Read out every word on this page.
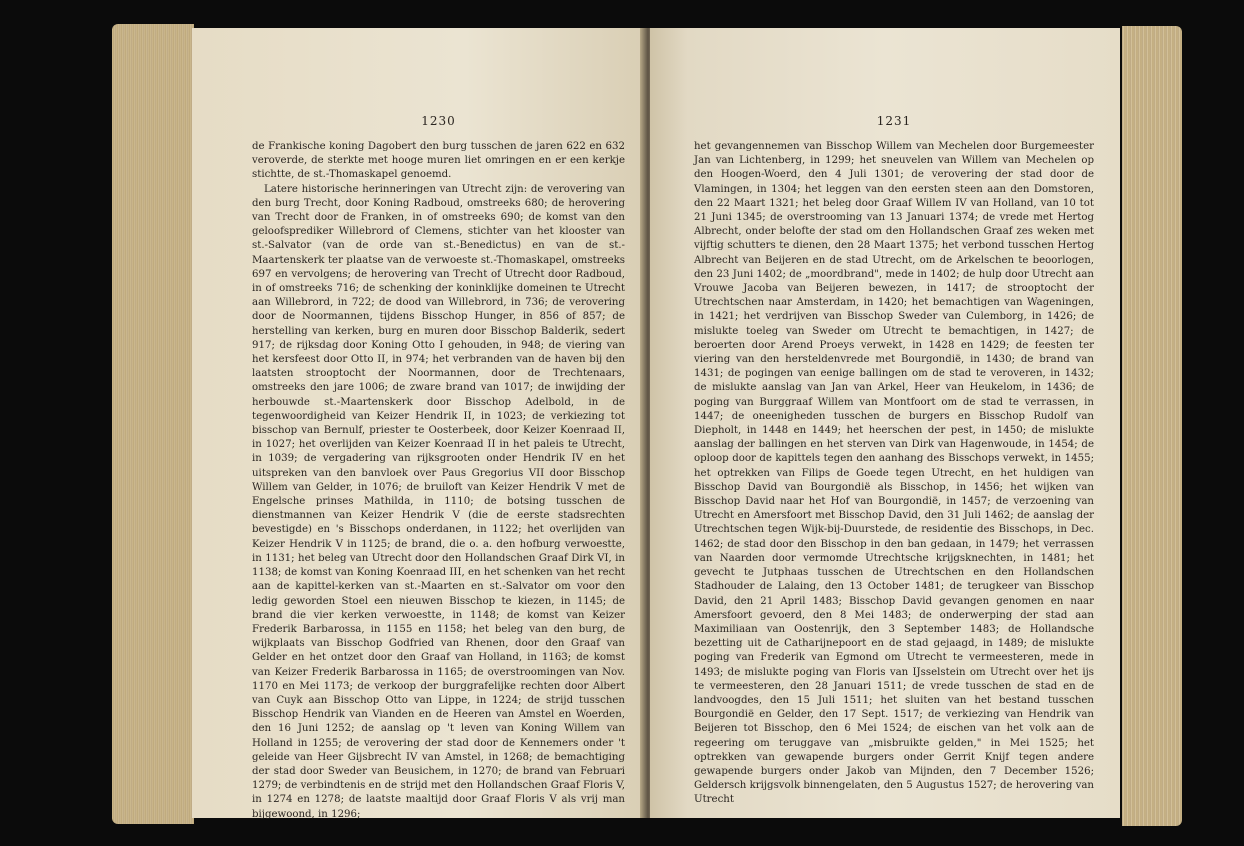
1230

de Frankische koning Dagobert den burg tusschen de jaren 622 en 632 veroverde, de sterkte met hooge muren liet omringen en er een kerkje stichtte, de st.-Thomaskapel genoemd.

Latere historische herinneringen van Utrecht zijn: de verovering van den burg Trecht, door Koning Radboud, omstreeks 680; de herovering van Trecht door de Franken, in of omstreeks 690; de komst van den geloofsprediker Willebrord of Clemens, stichter van het klooster van st.-Salvator (van de orde van st.-Benedictus) en van de st.-Maartenskerk ter plaatse van de verwoeste st.-Thomaskapel, omstreeks 697 en vervolgens; de herovering van Trecht of Utrecht door Radboud, in of omstreeks 716; de schenking der koninklijke domeinen te Utrecht aan Willebrord, in 722; de dood van Willebrord, in 736; de verovering door de Noormannen, tijdens Bisschop Hunger, in 856 of 857; de herstelling van kerken, burg en muren door Bisschop Balderik, sedert 917; de rijksdag door Koning Otto I gehouden, in 948; de viering van het kersfeest door Otto II, in 974; het verbranden van de haven bij den laatsten strooptocht der Noormannen, door de Trechtenaars, omstreeks den jare 1006; de zware brand van 1017; de inwijding der herbouwde st.-Maartenskerk door Bisschop Adelbold, in de tegenwoordigheid van Keizer Hendrik II, in 1023; de verkiezing tot bisschop van Bernulf, priester te Oosterbeek, door Keizer Koenraad II, in 1027; het overlijden van Keizer Koenraad II in het paleis te Utrecht, in 1039; de vergadering van rijksgrooten onder Hendrik IV en het uitspreken van den banvloek over Paus Gregorius VII door Bisschop Willem van Gelder, in 1076; de bruiloft van Keizer Hendrik V met de Engelsche prinses Mathilda, in 1110; de botsing tusschen de dienstmannen van Keizer Hendrik V (die de eerste stadsrechten bevestigde) en 's Bisschops onderdanen, in 1122; het overlijden van Keizer Hendrik V in 1125; de brand, die o. a. den hofburg verwoestte, in 1131; het beleg van Utrecht door den Hollandschen Graaf Dirk VI, in 1138; de komst van Koning Koenraad III, en het schenken van het recht aan de kapittel-kerken van st.-Maarten en st.-Salvator om voor den ledig geworden Stoel een nieuwen Bisschop te kiezen, in 1145; de brand die vier kerken verwoestte, in 1148; de komst van Keizer Frederik Barbarossa, in 1155 en 1158; het beleg van den burg, de wijkplaats van Bisschop Godfried van Rhenen, door den Graaf van Gelder en het ontzet door den Graaf van Holland, in 1163; de komst van Keizer Frederik Barbarossa in 1165; de overstroomingen van Nov. 1170 en Mei 1173; de verkoop der burggrafelijke rechten door Albert van Cuyk aan Bisschop Otto van Lippe, in 1224; de strijd tusschen Bisschop Hendrik van Vianden en de Heeren van Amstel en Woerden, den 16 Juni 1252; de aanslag op 't leven van Koning Willem van Holland in 1255; de verovering der stad door de Kennemers onder 't geleide van Heer Gijsbrecht IV van Amstel, in 1268; de bemachtiging der stad door Sweder van Beusichem, in 1270; de brand van Februari 1279; de verbindtenis en de strijd met den Hollandschen Graaf Floris V, in 1274 en 1278; de laatste maaltijd door Graaf Floris V als vrij man bijgewoond, in 1296;

1231

het gevangennemen van Bisschop Willem van Mechelen door Burgemeester Jan van Lichtenberg, in 1299; het sneuvelen van Willem van Mechelen op den Hoogen-Woerd, den 4 Juli 1301; de verovering der stad door de Vlamingen, in 1304; het leggen van den eersten steen aan den Domstoren, den 22 Maart 1321; het beleg door Graaf Willem IV van Holland, van 10 tot 21 Juni 1345; de overstrooming van 13 Januari 1374; de vrede met Hertog Albrecht, onder belofte der stad om den Hollandschen Graaf zes weken met vijftig schutters te dienen, den 28 Maart 1375; het verbond tusschen Hertog Albrecht van Beijeren en de stad Utrecht, om de Arkelschen te beoorlogen, den 23 Juni 1402; de „moordbrand", mede in 1402; de hulp door Utrecht aan Vrouwe Jacoba van Beijeren bewezen, in 1417; de strooptocht der Utrechtschen naar Amsterdam, in 1420; het bemachtigen van Wageningen, in 1421; het verdrijven van Bisschop Sweder van Culemborg, in 1426; de mislukte toeleg van Sweder om Utrecht te bemachtigen, in 1427; de beroerten door Arend Proeys verwekt, in 1428 en 1429; de feesten ter viering van den hersteldenvrede met Bourgondië, in 1430; de brand van 1431; de pogingen van eenige ballingen om de stad te veroveren, in 1432; de mislukte aanslag van Jan van Arkel, Heer van Heukelom, in 1436; de poging van Burggraaf Willem van Montfoort om de stad te verrassen, in 1447; de oneenigheden tusschen de burgers en Bisschop Rudolf van Diepholt, in 1448 en 1449; het heerschen der pest, in 1450; de mislukte aanslag der ballingen en het sterven van Dirk van Hagenwoude, in 1454; de oploop door de kapittels tegen den aanhang des Bisschops verwekt, in 1455; het optrekken van Filips de Goede tegen Utrecht, en het huldigen van Bisschop David van Bourgondië als Bisschop, in 1456; het wijken van Bisschop David naar het Hof van Bourgondië, in 1457; de verzoening van Utrecht en Amersfoort met Bisschop David, den 31 Juli 1462; de aanslag der Utrechtschen tegen Wijk-bij-Duurstede, de residentie des Bisschops, in Dec. 1462; de stad door den Bisschop in den ban gedaan, in 1479; het verrassen van Naarden door vermomde Utrechtsche krijgsknechten, in 1481; het gevecht te Jutphaas tusschen de Utrechtschen en den Hollandschen Stadhouder de Lalaing, den 13 October 1481; de terugkeer van Bisschop David, den 21 April 1483; Bisschop David gevangen genomen en naar Amersfoort gevoerd, den 8 Mei 1483; de onderwerping der stad aan Maximiliaan van Oostenrijk, den 3 September 1483; de Hollandsche bezetting uit de Catharijnepoort en de stad gejaagd, in 1489; de mislukte poging van Frederik van Egmond om Utrecht te vermeesteren, mede in 1493; de mislukte poging van Floris van IJsselstein om Utrecht over het ijs te vermeesteren, den 28 Januari 1511; de vrede tusschen de stad en de landvoogdes, den 15 Juli 1511; het sluiten van het bestand tusschen Bourgondië en Gelder, den 17 Sept. 1517; de verkiezing van Hendrik van Beijeren tot Bisschop, den 6 Mei 1524; de eischen van het volk aan de regeering om teruggave van „misbruikte gelden," in Mei 1525; het optrekken van gewapende burgers onder Gerrit Knijf tegen andere gewapende burgers onder Jakob van Mijnden, den 7 December 1526; Geldersch krijgsvolk binnengelaten, den 5 Augustus 1527; de herovering van Utrecht
